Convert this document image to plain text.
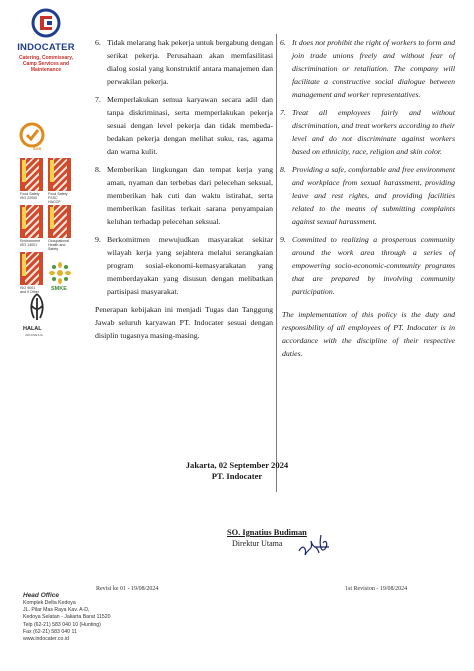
INDOCATER
Catering, Commissary,
Camp Services and
Maintenance
SGS
Food Safety
ISO 22000
Food Safety
FSSC
HACCP
Environment
ISO 14001
Occupational
Health and
Safety
ISO 9001
and 9 Other
SMKE
HALAL
INDONESIA
6. Tidak melarang hak pekerja untuk bergabung dengan serikat pekerja. Perusahaan akan memfasilitasi dialog sosial yang konstruktif antara manajemen dan perwakilan pekerja.
7. Memperlakukan semua karyawan secara adil dan tanpa diskriminasi, serta memperlakukan pekerja sesuai dengan level pekerja dan tidak membeda-bedakan pekerja dengan melihat suku, ras, agama dan warna kulit.
8. Memberikan lingkungan dan tempat kerja yang aman, nyaman dan terbebas dari pelecehan seksual, memberikan hak cuti dan waktu istirahat, serta memberikan fasilitas terkait sarana penyampaian keluhan terhadap pelecehan seksual.
9. Berkomitmen mewujudkan masyarakat sekitar wilayah kerja yang sejahtera melalui serangkaian program sosial-ekonomi-kemasyarakatan yang memberdayakan yang disusun dengan melibatkan partisipasi masyarakat.

Penerapan kebijakan ini menjadi Tugas dan Tanggung Jawab seluruh karyawan PT. Indocater sesuai dengan disiplin tugasnya masing-masing.

6. It does not prohibit the right of workers to form and join trade unions freely and without fear of discrimination or retaliation. The company will facilitate a constructive social dialogue between management and worker representatives.
7. Treat all employees fairly and without discrimination, and treat workers according to their level and do not discriminate against workers based on ethnicity, race, religion and skin color.
8. Providing a safe, comfortable and free environment and workplace from sexual harassment, providing leave and rest rights, and providing facilities related to the means of submitting complaints against sexual harassment.
9. Committed to realizing a prosperous community around the work area through a series of empowering socio-economic-community programs that are prepared by involving community participation.

The implementation of this policy is the duty and responsibility of all employees of PT. Indocater is in accordance with the discipline of their respective duties.

Jakarta, 02 September 2024
PT. Indocater
SO. Ignatius Budiman
Direktur Utama
Revisi ke 01 - 19/08/2024	1st Revision - 19/08/2024
Head Office
Komplek Delta Kedoya
JL. Pilar Mas Raya Kav. A-D,
Kedoya Selatan - Jakarta Barat 11520
Telp (62-21) 583 040 10 (Hunting)
Fax (62-21) 583 040 11
www.indocater.co.id
